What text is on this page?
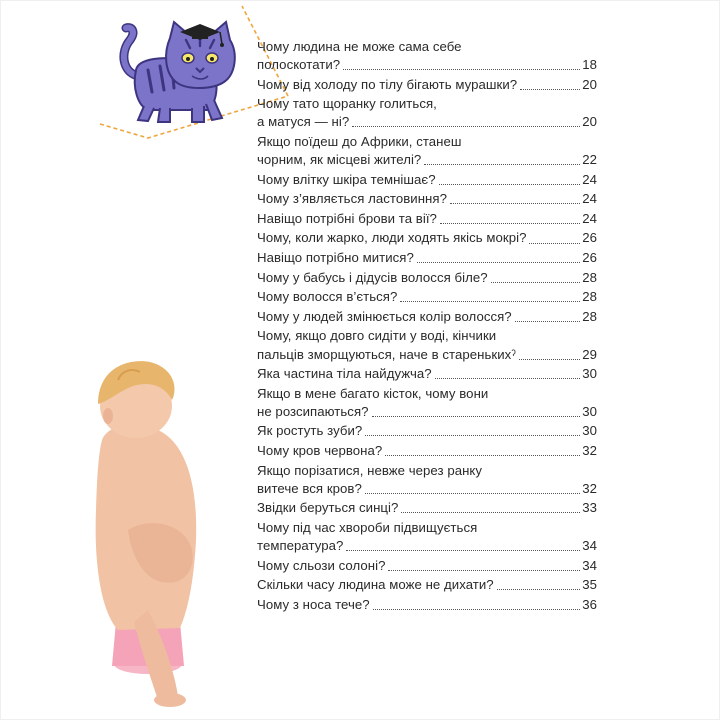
Чому людина не може сама себе
полоскотати?	18
Чому від холоду по тілу бігають мурашки?	20
Чому тато щоранку голиться,
а матуся — ні?	20
Якщо поїдеш до Африки, станеш
чорним, як місцеві жителі?	22
Чому влітку шкіра темнішає?	24
Чому з’являється ластовиння?	24
Навіщо потрібні брови та вії?	24
Чому, коли жарко, люди ходять якісь мокрі?	26
Навіщо потрібно митися?	26
Чому у бабусь і дідусів волосся біле?	28
Чому волосся в’ється?	28
Чому у людей змінюється колір волосся?	28
Чому, якщо довго сидіти у воді, кінчики
пальців зморщуються, наче в старенькихˀ	29
Яка частина тіла найдужча?	30
Якщо в мене багато кісток, чому вони
не розсипаються?	30
Як ростуть зуби?	30
Чому кров червона?	32
Якщо порізатися, невже через ранку
витече вся кров?	32
Звідки беруться синці?	33
Чому під час хвороби підвищується
температура?	34
Чому сльози солоні?	34
Скільки часу людина може не дихати?	35
Чому з носа тече?	36
